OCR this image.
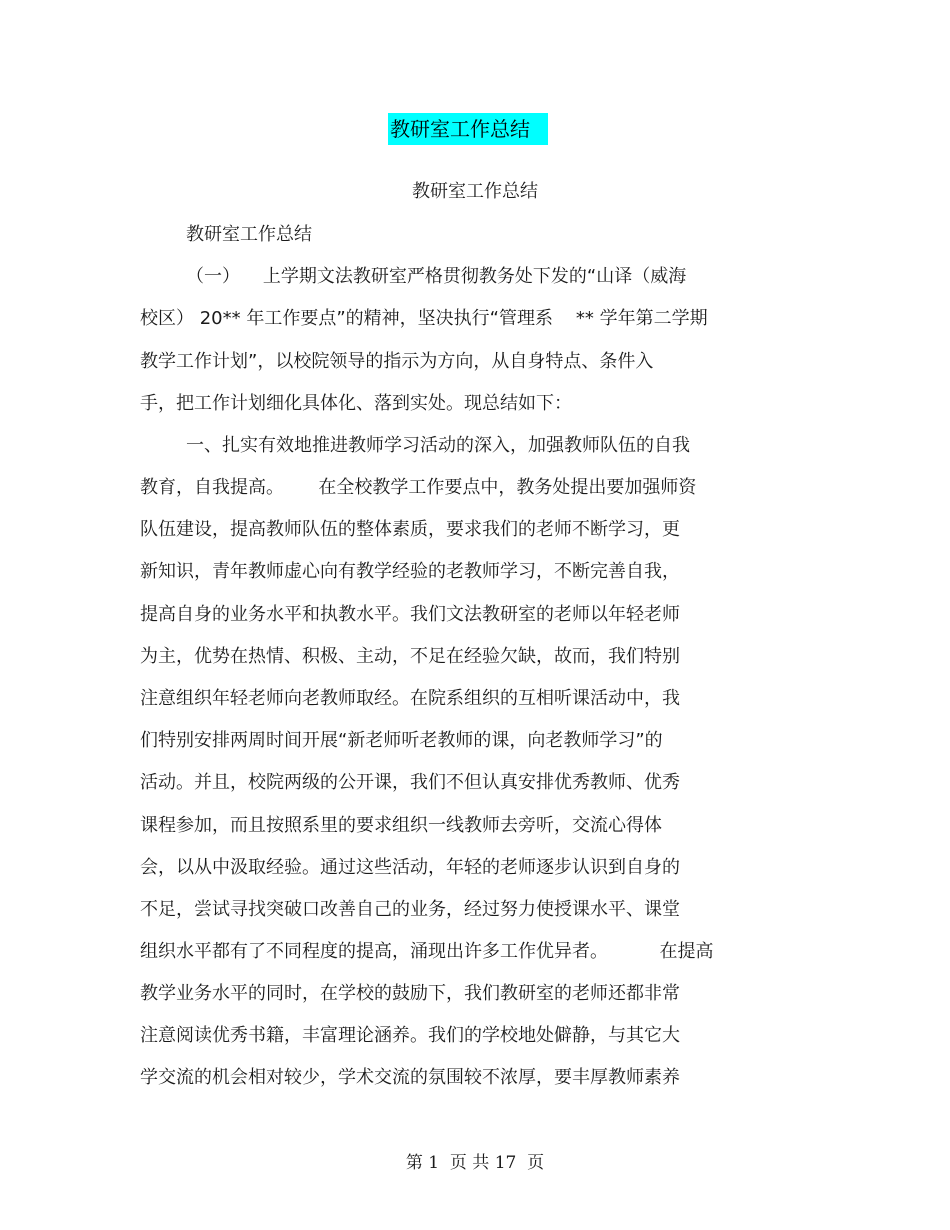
教研室工作总结
教研室工作总结
教研室工作总结
（一）    上学期文法教研室严格贯彻教务处下发的“山译（威海
校区） 20** 年工作要点”的精神，坚决执行“管理系    ** 学年第二学期
教学工作计划”，以校院领导的指示为方向，从自身特点、条件入
手，把工作计划细化具体化、落到实处。现总结如下：
一、扎实有效地推进教师学习活动的深入，加强教师队伍的自我
教育，自我提高。      在全校教学工作要点中，教务处提出要加强师资
队伍建设，提高教师队伍的整体素质，要求我们的老师不断学习，更
新知识，青年教师虚心向有教学经验的老教师学习，不断完善自我，
提高自身的业务水平和执教水平。我们文法教研室的老师以年轻老师
为主，优势在热情、积极、主动，不足在经验欠缺，故而，我们特别
注意组织年轻老师向老教师取经。在院系组织的互相听课活动中，我
们特别安排两周时间开展“新老师听老教师的课，向老教师学习”的
活动。并且，校院两级的公开课，我们不但认真安排优秀教师、优秀
课程参加，而且按照系里的要求组织一线教师去旁听，交流心得体
会，以从中汲取经验。通过这些活动，年轻的老师逐步认识到自身的
不足，尝试寻找突破口改善自己的业务，经过努力使授课水平、课堂
组织水平都有了不同程度的提高，涌现出许多工作优异者。         在提高
教学业务水平的同时，在学校的鼓励下，我们教研室的老师还都非常
注意阅读优秀书籍，丰富理论涵养。我们的学校地处僻静，与其它大
学交流的机会相对较少，学术交流的氛围较不浓厚，要丰厚教师素养
第 1  页 共 17  页
